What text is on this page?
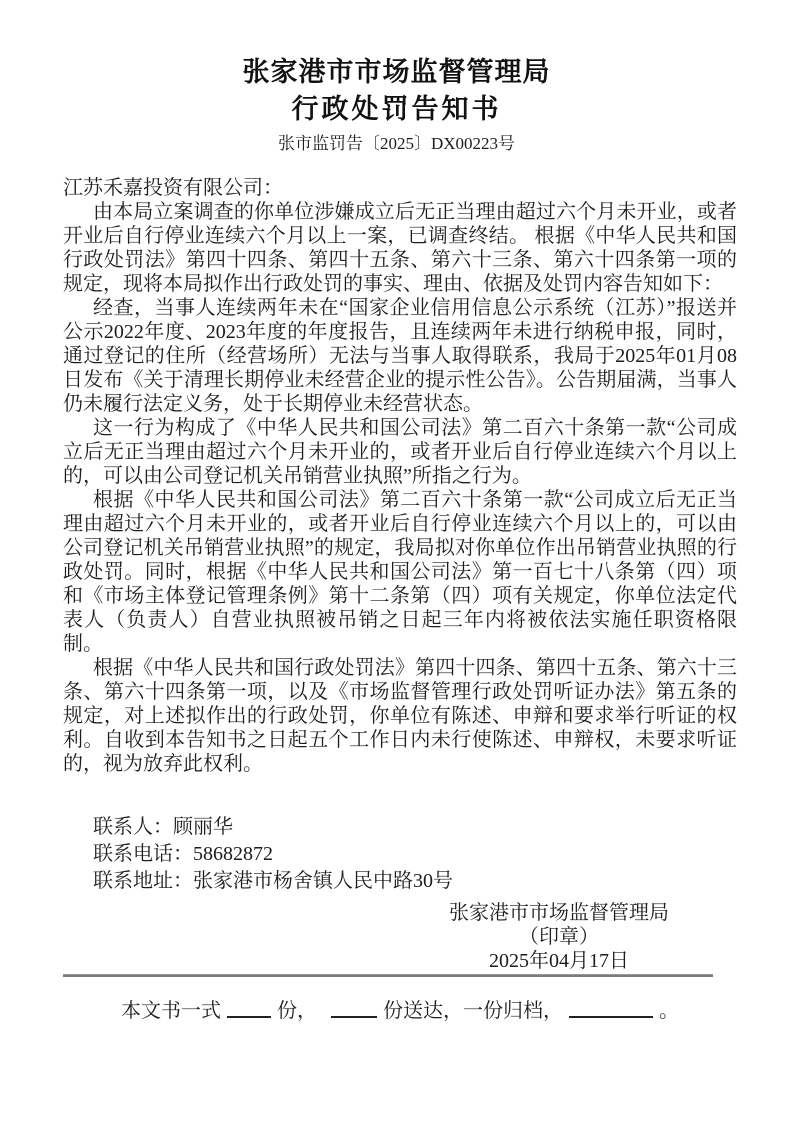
张家港市市场监督管理局
行政处罚告知书
张市监罚告〔2025〕DX00223号
江苏禾嘉投资有限公司：

由本局立案调查的你单位涉嫌成立后无正当理由超过六个月未开业，或者开业后自行停业连续六个月以上一案，已调查终结。 根据《中华人民共和国行政处罚法》第四十四条、第四十五条、第六十三条、第六十四条第一项的规定，现将本局拟作出行政处罚的事实、理由、依据及处罚内容告知如下：

经查，当事人连续两年未在“国家企业信用信息公示系统（江苏）”报送并公示2022年度、2023年度的年度报告，且连续两年未进行纳税申报，同时，通过登记的住所（经营场所）无法与当事人取得联系，我局于2025年01月08日发布《关于清理长期停业未经营企业的提示性公告》。公告期届满，当事人仍未履行法定义务，处于长期停业未经营状态。

这一行为构成了《中华人民共和国公司法》第二百六十条第一款“公司成立后无正当理由超过六个月未开业的，或者开业后自行停业连续六个月以上的，可以由公司登记机关吊销营业执照”所指之行为。

根据《中华人民共和国公司法》第二百六十条第一款“公司成立后无正当理由超过六个月未开业的，或者开业后自行停业连续六个月以上的，可以由公司登记机关吊销营业执照”的规定，我局拟对你单位作出吊销营业执照的行政处罚。同时，根据《中华人民共和国公司法》第一百七十八条第（四）项和《市场主体登记管理条例》第十二条第（四）项有关规定，你单位法定代表人（负责人）自营业执照被吊销之日起三年内将被依法实施任职资格限制。

根据《中华人民共和国行政处罚法》第四十四条、第四十五条、第六十三条、第六十四条第一项，以及《市场监督管理行政处罚听证办法》第五条的规定，对上述拟作出的行政处罚，你单位有陈述、申辩和要求举行听证的权利。自收到本告知书之日起五个工作日内未行使陈述、申辩权，未要求听证的，视为放弃此权利。

联系人：顾丽华
联系电话：58682872
联系地址：张家港市杨舍镇人民中路30号
张家港市市场监督管理局
（印章）
2025年04月17日
本文书一式	份，	份送达，一份归档，	。
